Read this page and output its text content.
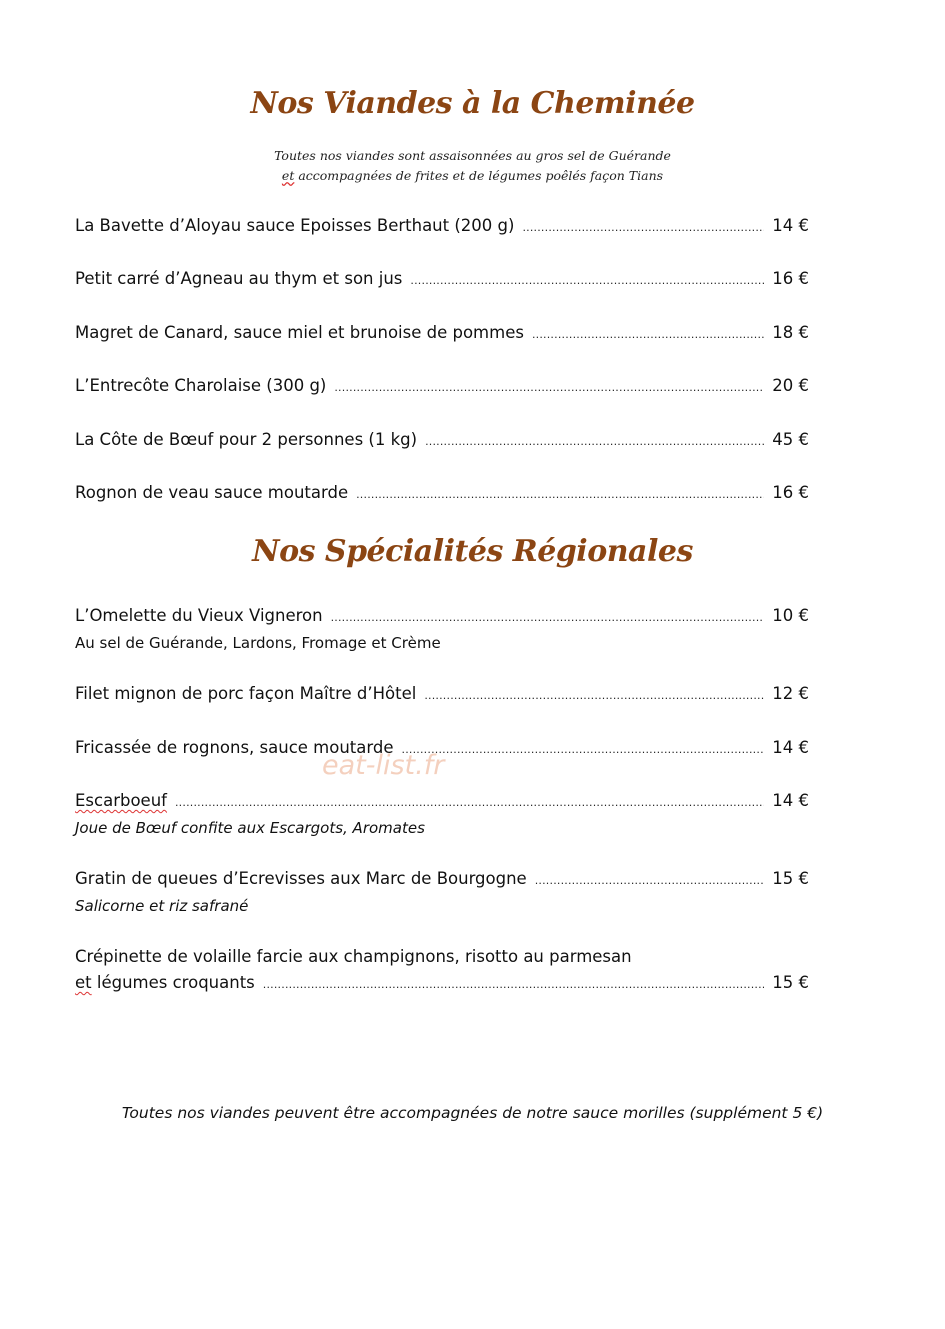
Nos Viandes à la Cheminée
Toutes nos viandes sont assaisonnées au gros sel de Guérande
et accompagnées de frites et de légumes poêlés façon Tians
La Bavette d’Aloyau sauce Epoisses Berthaut (200 g) .....	14 €
Petit carré d’Agneau au thym et son jus .....	16 €
Magret de Canard, sauce miel et brunoise de pommes .....	18 €
L’Entrecôte Charolaise (300 g) .....	20 €
La Côte de Bœuf pour 2 personnes (1 kg) .....	45 €
Rognon de veau sauce moutarde .....	16 €
Nos Spécialités Régionales
L’Omelette du Vieux Vigneron .....	10 €
Au sel de Guérande, Lardons, Fromage et Crème
Filet mignon de porc façon Maître d’Hôtel .....	12 €
Fricassée de rognons, sauce moutarde .....	14 €
Escarboeuf .....	14 €
Joue de Bœuf confite aux Escargots, Aromates
Gratin de queues d’Ecrevisses aux Marc de Bourgogne .....	15 €
Salicorne et riz safrané
Crépinette de volaille farcie aux champignons, risotto au parmesan
et légumes croquants .....	15 €
eat-list.fr
Toutes nos viandes peuvent être accompagnées de notre sauce morilles (supplément 5 €)
